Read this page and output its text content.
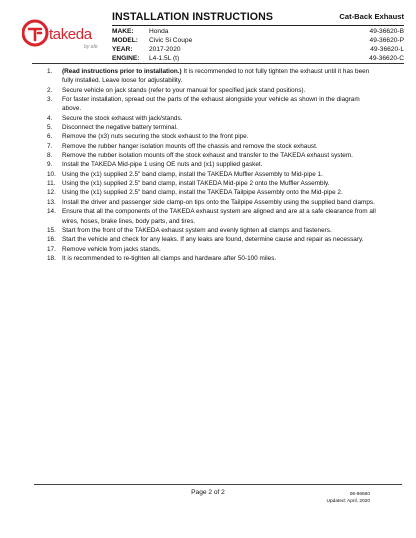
takeda
by afe
INSTALLATION INSTRUCTIONS	Cat-Back Exhaust
MAKE: Honda	49-36620-B
MODEL: Civic Si Coupe	49-36620-P
YEAR: 2017-2020	49-36620-L
ENGINE: L4-1.5L (t)	49-36620-C
1. (Read instructions prior to installation.) It is recommended to not fully tighten the exhaust until it has been fully installed. Leave loose for adjustability.
2. Secure vehicle on jack stands (refer to your manual for specified jack stand positions).
3. For faster installation, spread out the parts of the exhaust alongside your vehicle as shown in the diagram above.
4. Secure the stock exhaust with jack/stands.
5. Disconnect the negative battery terminal.
6. Remove the (x3) nuts securing the stock exhaust to the front pipe.
7. Remove the rubber hanger isolation mounts off the chassis and remove the stock exhaust.
8. Remove the rubber isolation mounts off the stock exhaust and transfer to the TAKEDA exhaust system.
9. Install the TAKEDA Mid-pipe 1 using OE nuts and (x1) supplied gasket.
10. Using the (x1) supplied 2.5" band clamp, install the TAKEDA Muffler Assembly to Mid-pipe 1.
11. Using the (x1) supplied 2.5" band clamp, install TAKEDA Mid-pipe 2 onto the Muffler Assembly.
12. Using the (x1) supplied 2.5" band clamp, install the TAKEDA Tailpipe Assembly onto the Mid-pipe 2.
13. Install the driver and passenger side clamp-on tips onto the Tailpipe Assembly using the supplied band clamps.
14. Ensure that all the components of the TAKEDA exhaust system are aligned and are at a safe clearance from all wires, hoses, brake lines, body parts, and tires.
15. Start from the front of the TAKEDA exhaust system and evenly tighten all clamps and fasteners.
16. Start the vehicle and check for any leaks. If any leaks are found, determine cause and repair as necessary.
17. Remove vehicle from jacks stands.
18. It is recommended to re-tighten all clamps and hardware after 50-100 miles.
Page 2 of 2	06-86660
Updated: April, 2020
